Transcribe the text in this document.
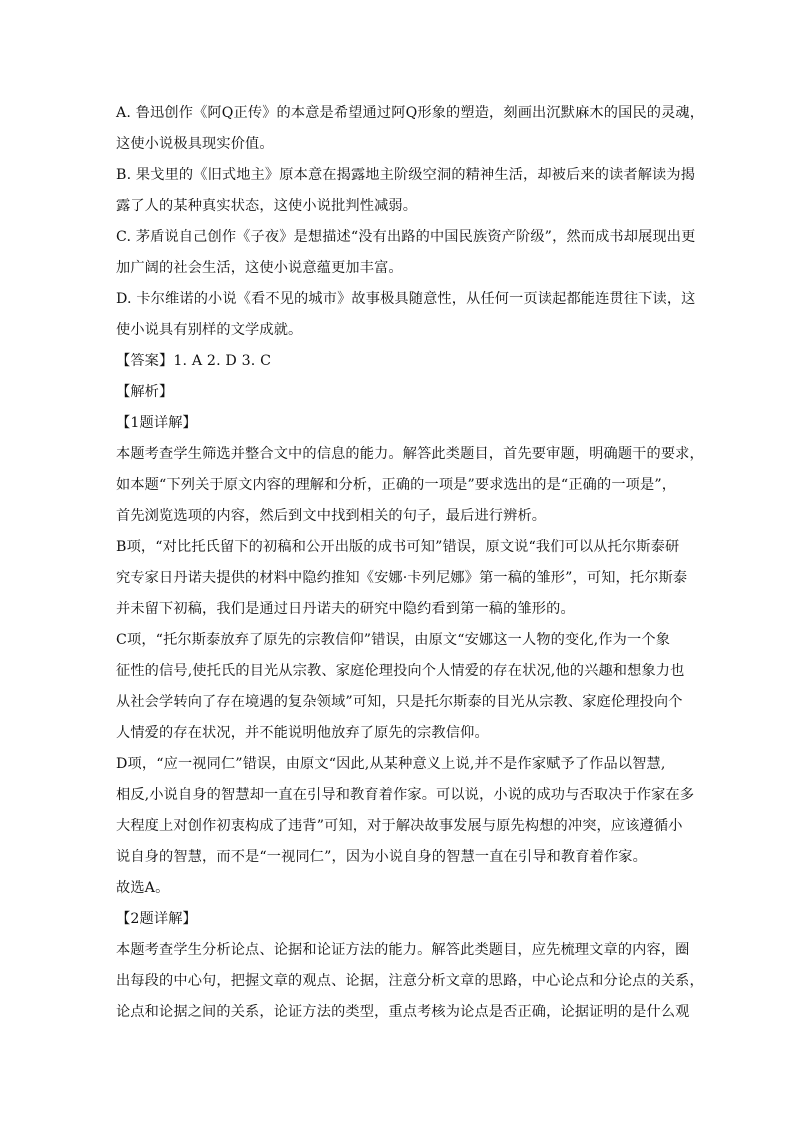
A. 鲁迅创作《阿Q正传》的本意是希望通过阿Q形象的塑造，刻画出沉默麻木的国民的灵魂，
这使小说极具现实价值。
B. 果戈里的《旧式地主》原本意在揭露地主阶级空洞的精神生活，却被后来的读者解读为揭
露了人的某种真实状态，这使小说批判性减弱。
C. 茅盾说自己创作《子夜》是想描述“没有出路的中国民族资产阶级”，然而成书却展现出更
加广阔的社会生活，这使小说意蕴更加丰富。
D. 卡尔维诺的小说《看不见的城市》故事极具随意性，从任何一页读起都能连贯往下读，这
使小说具有别样的文学成就。
【答案】1. A 2. D 3. C
【解析】
【1题详解】
本题考查学生筛选并整合文中的信息的能力。解答此类题目，首先要审题，明确题干的要求，
如本题“下列关于原文内容的理解和分析，正确的一项是”要求选出的是“正确的一项是”，
首先浏览选项的内容，然后到文中找到相关的句子，最后进行辨析。
B项，“对比托氏留下的初稿和公开出版的成书可知”错误，原文说“我们可以从托尔斯泰研
究专家日丹诺夫提供的材料中隐约推知《安娜·卡列尼娜》第一稿的雏形”，可知，托尔斯泰
并未留下初稿，我们是通过日丹诺夫的研究中隐约看到第一稿的雏形的。
C项，“托尔斯泰放弃了原先的宗教信仰”错误，由原文“安娜这一人物的变化,作为一个象
征性的信号,使托氏的目光从宗教、家庭伦理投向个人情爱的存在状况,他的兴趣和想象力也
从社会学转向了存在境遇的复杂领域”可知，只是托尔斯泰的目光从宗教、家庭伦理投向个
人情爱的存在状况，并不能说明他放弃了原先的宗教信仰。
D项，“应一视同仁”错误，由原文“因此,从某种意义上说,并不是作家赋予了作品以智慧,
相反,小说自身的智慧却一直在引导和教育着作家。可以说，小说的成功与否取决于作家在多
大程度上对创作初衷构成了违背”可知，对于解决故事发展与原先构想的冲突，应该遵循小
说自身的智慧，而不是“一视同仁”，因为小说自身的智慧一直在引导和教育着作家。
故选A。
【2题详解】
本题考查学生分析论点、论据和论证方法的能力。解答此类题目，应先梳理文章的内容，圈
出每段的中心句，把握文章的观点、论据，注意分析文章的思路，中心论点和分论点的关系，
论点和论据之间的关系，论证方法的类型，重点考核为论点是否正确，论据证明的是什么观
